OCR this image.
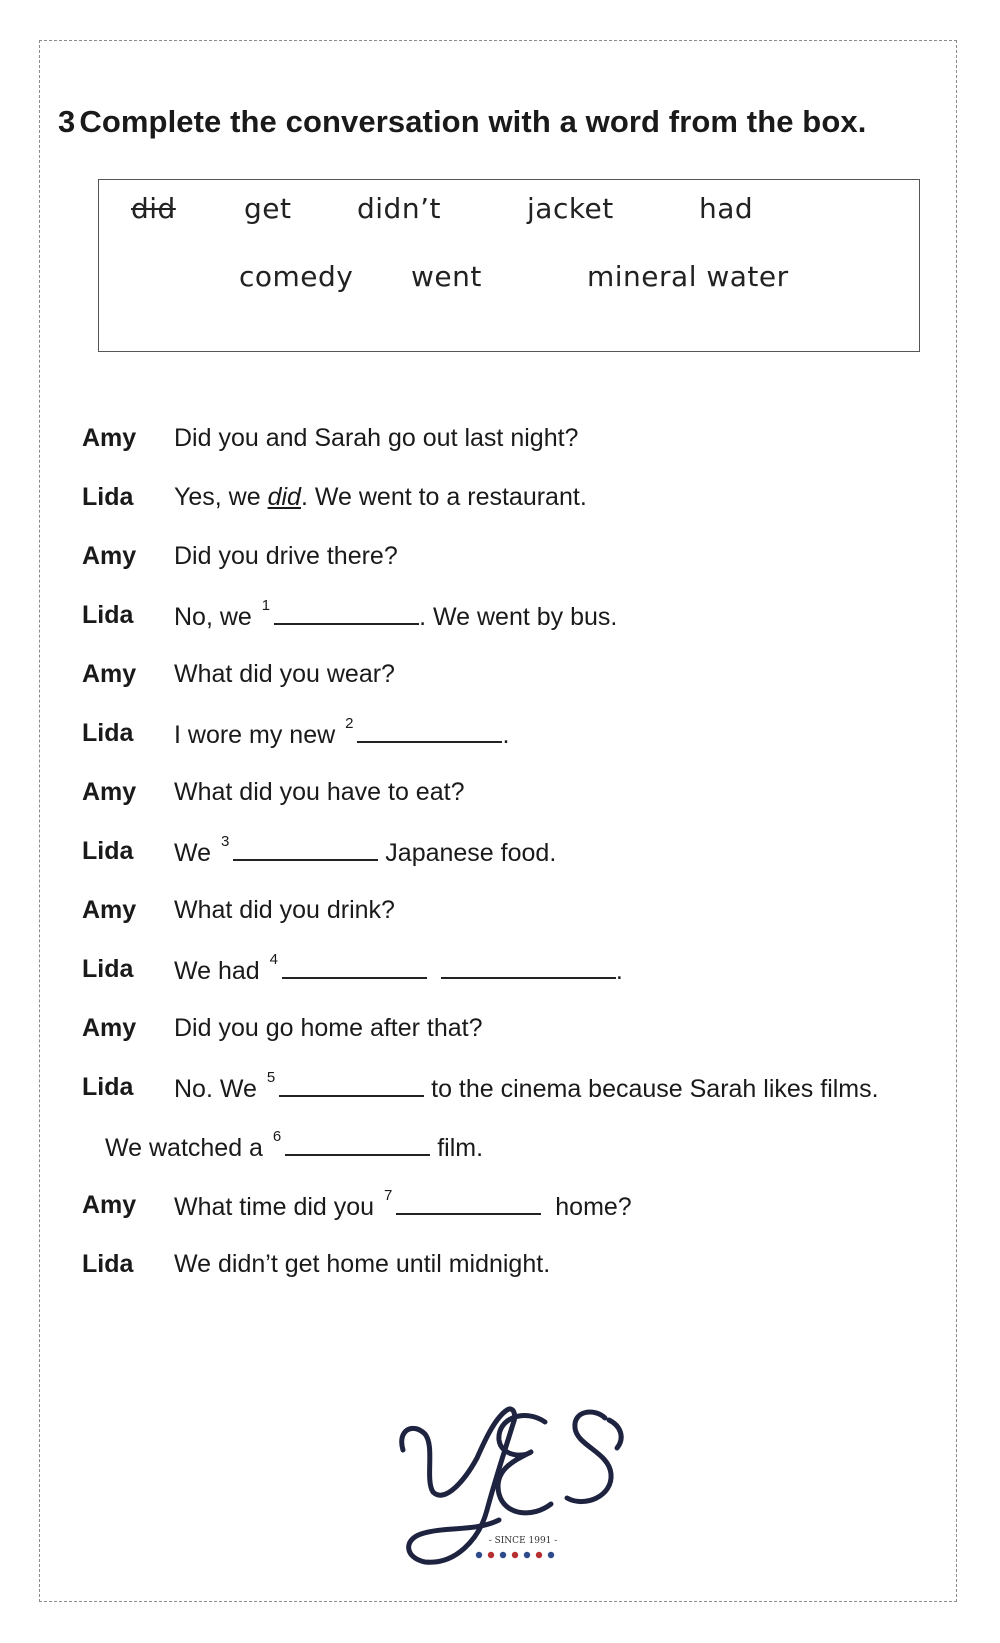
3 Complete the conversation with a word from the box.
did get didn’t	jacket	had
comedy went	mineral water
Amy Did you and Sarah go out last night?
Lida Yes, we did. We went to a restaurant.
Amy Did you drive there?
Lida No, we $^1$	. We went by bus.
Amy What did you wear?
Lida I wore my new $^2$	.
Amy What did you have to eat?
Lida We $^3$	Japanese food.
Amy What did you drink?
Lida We had $^4$	.
Amy Did you go home after that?
Lida No. We $^5$	to the cinema because Sarah likes films.
We watched a $^6$	film.
Amy What time did you $^7$	home?
Lida We didn’t get home until midnight.
- SINCE 1991 -
